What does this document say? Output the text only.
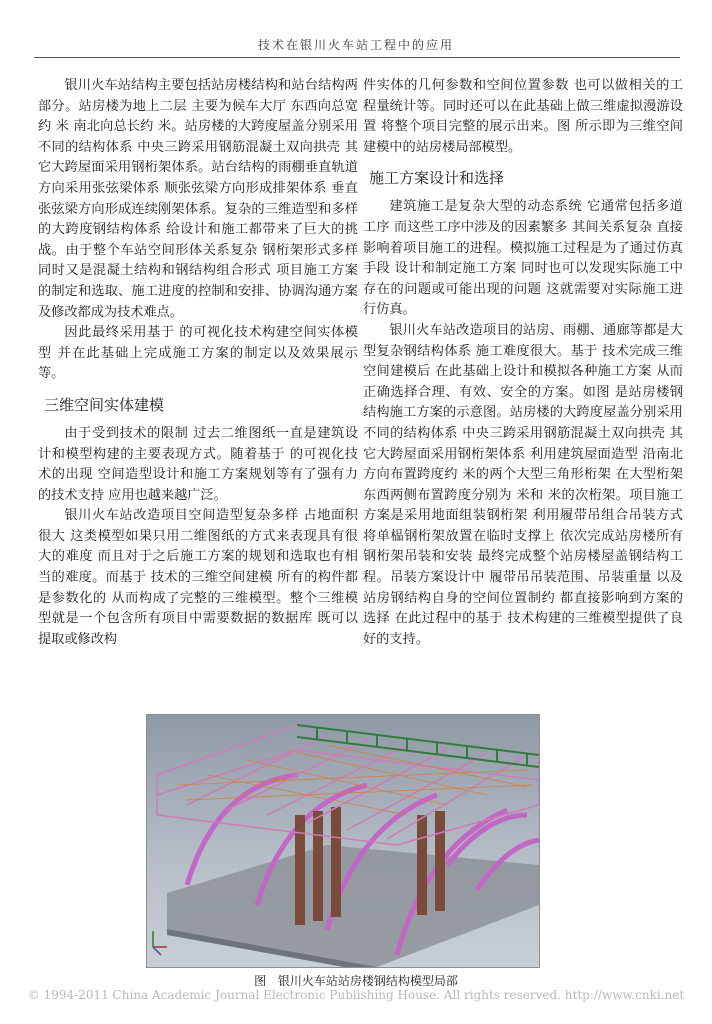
技术在银川火车站工程中的应用

银川火车站结构主要包括站房楼结构和站台结构两部分。站房楼为地上二层 主要为候车大厅 东西向总宽约 米 南北向总长约 米。站房楼的大跨度屋盖分别采用不同的结构体系 中央三跨采用钢筋混凝土双向拱壳 其它大跨屋面采用钢桁架体系。站台结构的雨棚垂直轨道方向采用张弦梁体系 顺张弦梁方向形成排架体系 垂直张弦梁方向形成连续刚架体系。复杂的三维造型和多样的大跨度钢结构体系 给设计和施工都带来了巨大的挑战。由于整个车站空间形体关系复杂 钢桁架形式多样 同时又是混凝土结构和钢结构组合形式 项目施工方案的制定和选取、施工进度的控制和安排、协调沟通方案及修改都成为技术难点。

因此最终采用基于 的可视化技术构建空间实体模型 并在此基础上完成施工方案的制定以及效果展示等。

三维空间实体建模

由于受到技术的限制 过去二维图纸一直是建筑设计和模型构建的主要表现方式。随着基于 的可视化技术的出现 空间造型设计和施工方案规划等有了强有力的技术支持 应用也越来越广泛。

银川火车站改造项目空间造型复杂多样 占地面积很大 这类模型如果只用二维图纸的方式来表现具有很大的难度 而且对于之后施工方案的规划和选取也有相当的难度。而基于 技术的三维空间建模 所有的构件都是参数化的 从而构成了完整的三维模型。整个三维模型就是一个包含所有项目中需要数据的数据库 既可以提取或修改构

件实体的几何参数和空间位置参数 也可以做相关的工程量统计等。同时还可以在此基础上做三维虚拟漫游设置 将整个项目完整的展示出来。图 所示即为三维空间建模中的站房楼局部模型。

施工方案设计和选择

建筑施工是复杂大型的动态系统 它通常包括多道工序 而这些工序中涉及的因素繁多 其间关系复杂 直接影响着项目施工的进程。模拟施工过程是为了通过仿真手段 设计和制定施工方案 同时也可以发现实际施工中存在的问题或可能出现的问题 这就需要对实际施工进行仿真。

银川火车站改造项目的站房、雨棚、通廊等都是大型复杂钢结构体系 施工难度很大。基于 技术完成三维空间建模后 在此基础上设计和模拟各种施工方案 从而正确选择合理、有效、安全的方案。如图 是站房楼钢结构施工方案的示意图。站房楼的大跨度屋盖分别采用不同的结构体系 中央三跨采用钢筋混凝土双向拱壳 其它大跨屋面采用钢桁架体系 利用建筑屋面造型 沿南北方向布置跨度约 米的两个大型三角形桁架 在大型桁架东西两侧布置跨度分别为 米和 米的次桁架。项目施工方案是采用地面组装钢桁架 利用履带吊组合吊装方式将单榀钢桁架放置在临时支撑上 依次完成站房楼所有钢桁架吊装和安装 最终完成整个站房楼屋盖钢结构工程。吊装方案设计中 履带吊吊装范围、吊装重量 以及站房钢结构自身的空间位置制约 都直接影响到方案的选择 在此过程中的基于 技术构建的三维模型提供了良好的支持。

图 银川火车站站房楼钢结构模型局部
© 1994-2011 China Academic Journal Electronic Publishing House. All rights reserved. http://www.cnki.net
